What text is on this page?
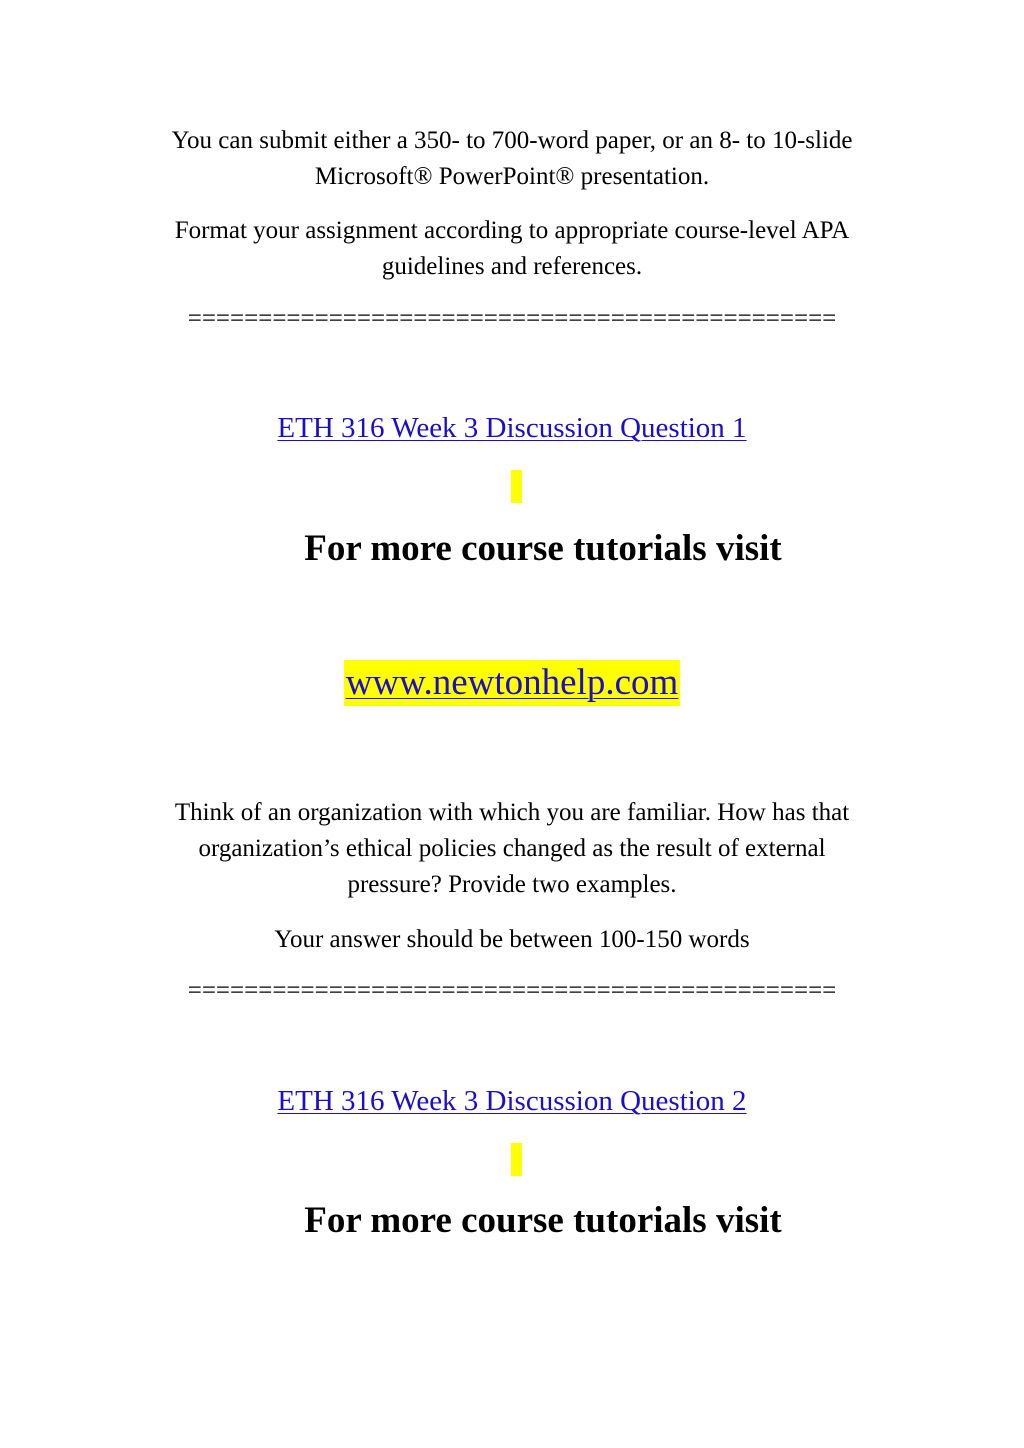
You can submit either a 350- to 700-word paper, or an 8- to 10-slide
Microsoft® PowerPoint® presentation.
Format your assignment according to appropriate course-level APA
guidelines and references.
==============================================
ETH 316 Week 3 Discussion Question 1
For more course tutorials visit
www.newtonhelp.com
Think of an organization with which you are familiar. How has that
organization’s ethical policies changed as the result of external
pressure? Provide two examples.
Your answer should be between 100-150 words
==============================================
ETH 316 Week 3 Discussion Question 2
For more course tutorials visit
